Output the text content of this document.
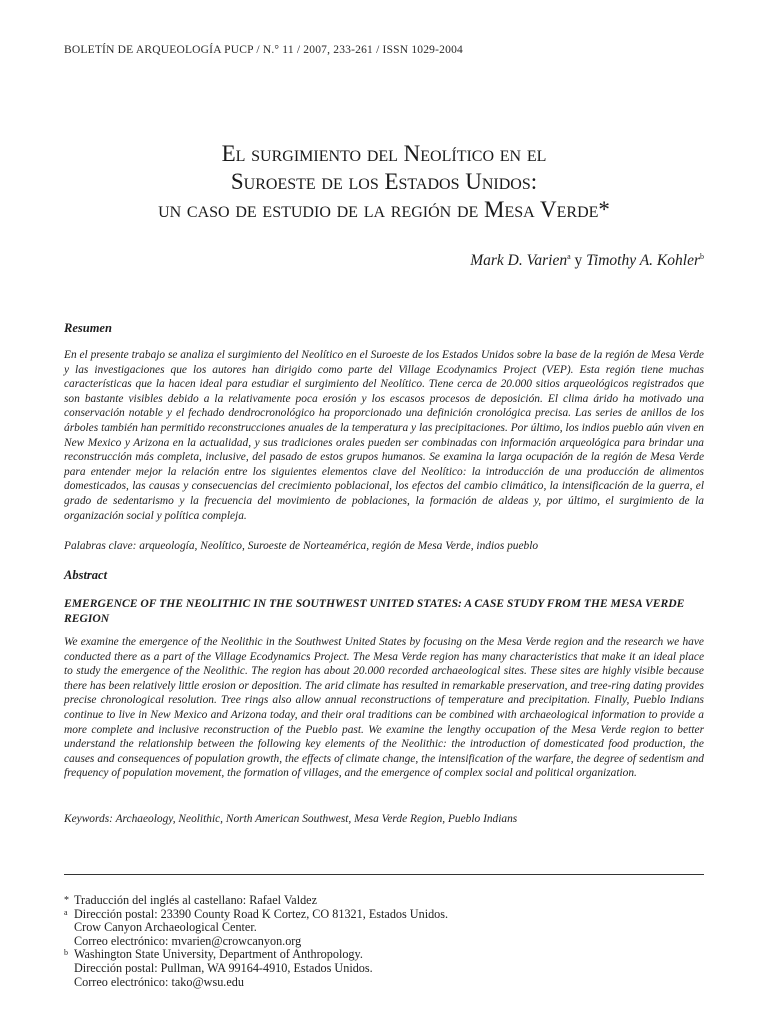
BOLETÍN DE ARQUEOLOGÍA PUCP / N.° 11 / 2007, 233-261 / ISSN 1029-2004
El surgimiento del Neolítico en el
Suroeste de los Estados Unidos:
un caso de estudio de la región de Mesa Verde*
Mark D. Varien$^a$ y Timothy A. Kohler$^b$
Resumen

En el presente trabajo se analiza el surgimiento del Neolítico en el Suroeste de los Estados Unidos sobre la base de la región de Mesa Verde y las investigaciones que los autores han dirigido como parte del Village Ecodynamics Project (VEP). Esta región tiene muchas características que la hacen ideal para estudiar el surgimiento del Neolítico. Tiene cerca de 20.000 sitios arqueológicos registrados que son bastante visibles debido a la relativamente poca erosión y los escasos procesos de deposición. El clima árido ha motivado una conservación notable y el fechado dendrocronológico ha proporcionado una definición cronológica precisa. Las series de anillos de los árboles también han permitido reconstrucciones anuales de la temperatura y las precipitaciones. Por último, los indios pueblo aún viven en New Mexico y Arizona en la actualidad, y sus tradiciones orales pueden ser combinadas con información arqueológica para brindar una reconstrucción más completa, inclusive, del pasado de estos grupos humanos. Se examina la larga ocupación de la región de Mesa Verde para entender mejor la relación entre los siguientes elementos clave del Neolítico: la introducción de una producción de alimentos domesticados, las causas y consecuencias del crecimiento poblacional, los efectos del cambio climático, la intensificación de la guerra, el grado de sedentarismo y la frecuencia del movimiento de poblaciones, la formación de aldeas y, por último, el surgimiento de la organización social y política compleja.

Palabras clave: arqueología, Neolítico, Suroeste de Norteamérica, región de Mesa Verde, indios pueblo
Abstract
EMERGENCE OF THE NEOLITHIC IN THE SOUTHWEST UNITED STATES: A CASE STUDY FROM THE MESA VERDE REGION

We examine the emergence of the Neolithic in the Southwest United States by focusing on the Mesa Verde region and the research we have conducted there as a part of the Village Ecodynamics Project. The Mesa Verde region has many characteristics that make it an ideal place to study the emergence of the Neolithic. The region has about 20.000 recorded archaeological sites. These sites are highly visible because there has been relatively little erosion or deposition. The arid climate has resulted in remarkable preservation, and tree-ring dating provides precise chronological resolution. Tree rings also allow annual reconstructions of temperature and precipitation. Finally, Pueblo Indians continue to live in New Mexico and Arizona today, and their oral traditions can be combined with archaeological information to provide a more complete and inclusive reconstruction of the Pueblo past. We examine the lengthy occupation of the Mesa Verde region to better understand the relationship between the following key elements of the Neolithic: the introduction of domesticated food production, the causes and consequences of population growth, the effects of climate change, the intensification of the warfare, the degree of sedentism and frequency of population movement, the formation of villages, and the emergence of complex social and political organization.

Keywords: Archaeology, Neolithic, North American Southwest, Mesa Verde Region, Pueblo Indians
* Traducción del inglés al castellano: Rafael Valdez
a Dirección postal: 23390 County Road K Cortez, CO 81321, Estados Unidos.
Crow Canyon Archaeological Center.
Correo electrónico: mvarien@crowcanyon.org
b Washington State University, Department of Anthropology.
Dirección postal: Pullman, WA 99164-4910, Estados Unidos.
Correo electrónico: tako@wsu.edu
